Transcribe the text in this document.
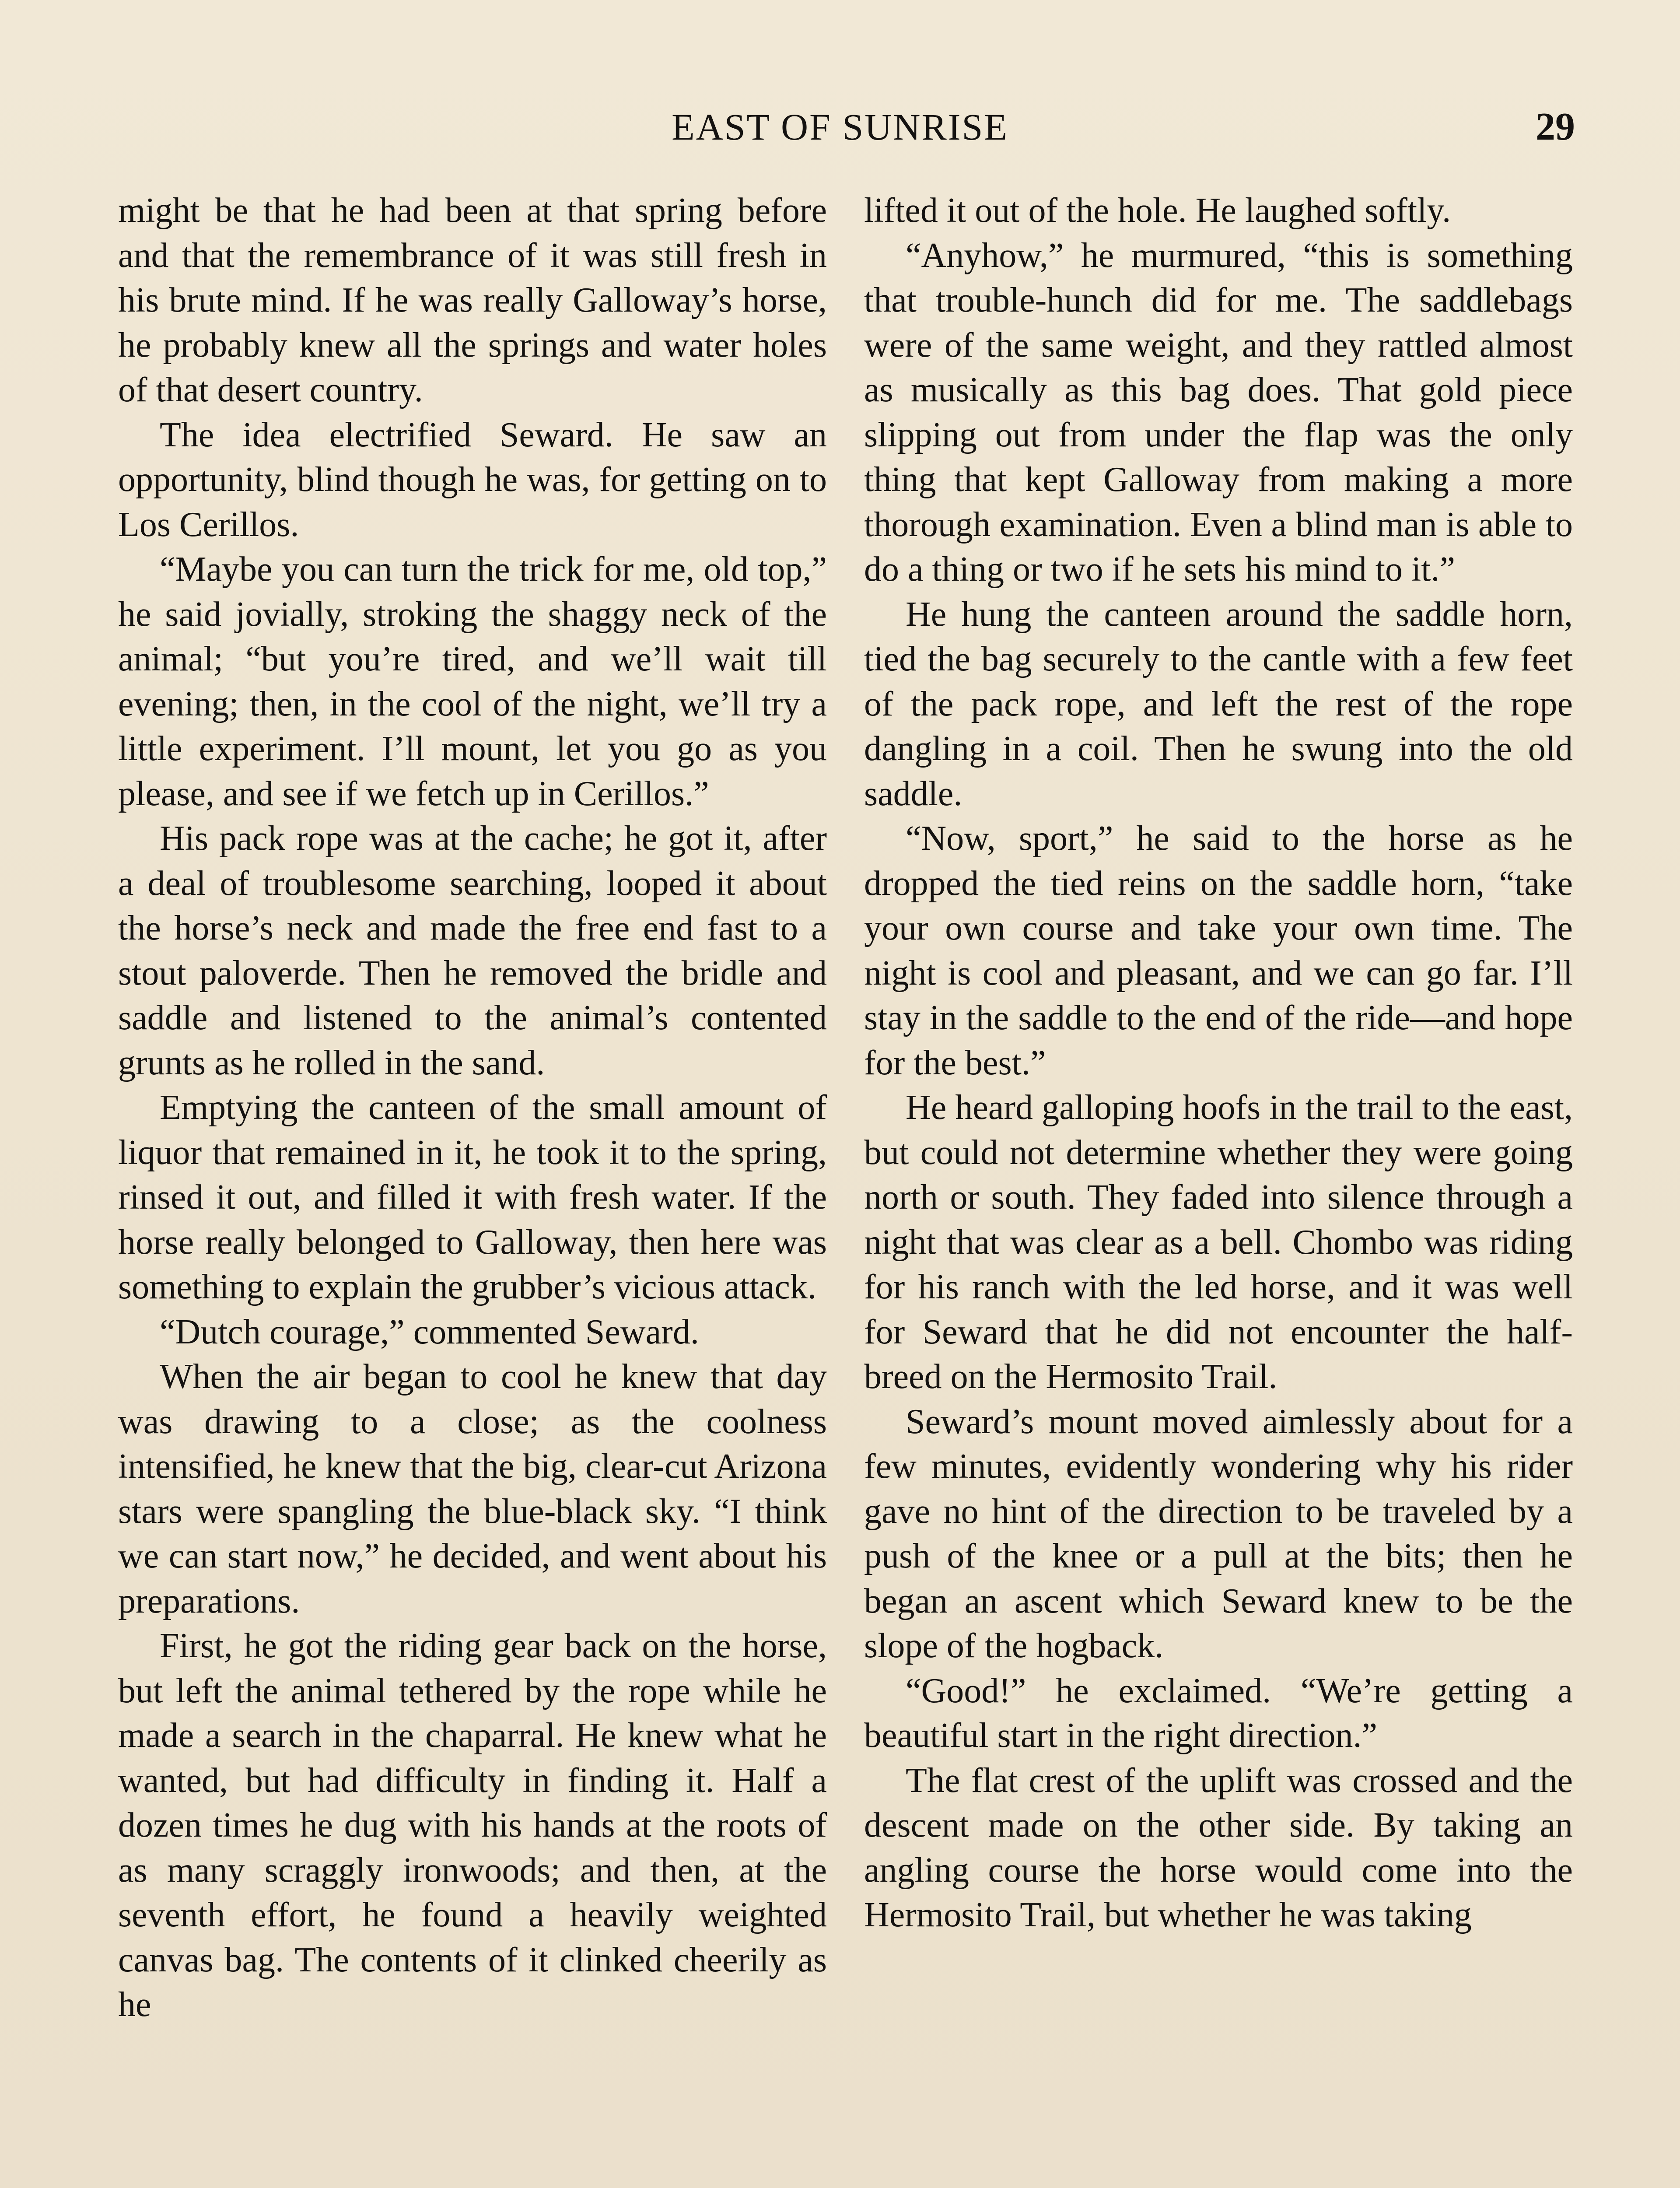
EAST OF SUNRISE	29

might be that he had been at that spring before and that the remembrance of it was still fresh in his brute mind. If he was really Galloway’s horse, he probably knew all the springs and water holes of that desert country.

The idea electrified Seward. He saw an opportunity, blind though he was, for getting on to Los Cerillos.

“Maybe you can turn the trick for me, old top,” he said jovially, stroking the shaggy neck of the animal; “but you’re tired, and we’ll wait till evening; then, in the cool of the night, we’ll try a little experiment. I’ll mount, let you go as you please, and see if we fetch up in Cerillos.”

His pack rope was at the cache; he got it, after a deal of troublesome searching, looped it about the horse’s neck and made the free end fast to a stout paloverde. Then he removed the bridle and saddle and listened to the animal’s contented grunts as he rolled in the sand.

Emptying the canteen of the small amount of liquor that remained in it, he took it to the spring, rinsed it out, and filled it with fresh water. If the horse really belonged to Galloway, then here was something to explain the grubber’s vicious attack.

“Dutch courage,” commented Seward.

When the air began to cool he knew that day was drawing to a close; as the coolness intensified, he knew that the big, clear-cut Arizona stars were spangling the blue-black sky. “I think we can start now,” he decided, and went about his preparations.

First, he got the riding gear back on the horse, but left the animal tethered by the rope while he made a search in the chaparral. He knew what he wanted, but had difficulty in finding it. Half a dozen times he dug with his hands at the roots of as many scraggly ironwoods; and then, at the seventh effort, he found a heavily weighted canvas bag. The contents of it clinked cheerily as he

lifted it out of the hole. He laughed softly.

“Anyhow,” he murmured, “this is something that trouble-hunch did for me. The saddlebags were of the same weight, and they rattled almost as musically as this bag does. That gold piece slipping out from under the flap was the only thing that kept Galloway from making a more thorough examination. Even a blind man is able to do a thing or two if he sets his mind to it.”

He hung the canteen around the saddle horn, tied the bag securely to the cantle with a few feet of the pack rope, and left the rest of the rope dangling in a coil. Then he swung into the old saddle.

“Now, sport,” he said to the horse as he dropped the tied reins on the saddle horn, “take your own course and take your own time. The night is cool and pleasant, and we can go far. I’ll stay in the saddle to the end of the ride—and hope for the best.”

He heard galloping hoofs in the trail to the east, but could not determine whether they were going north or south. They faded into silence through a night that was clear as a bell. Chombo was riding for his ranch with the led horse, and it was well for Seward that he did not encounter the half-breed on the Hermosito Trail.

Seward’s mount moved aimlessly about for a few minutes, evidently wondering why his rider gave no hint of the direction to be traveled by a push of the knee or a pull at the bits; then he began an ascent which Seward knew to be the slope of the hogback.

“Good!” he exclaimed. “We’re getting a beautiful start in the right direction.”

The flat crest of the uplift was crossed and the descent made on the other side. By taking an angling course the horse would come into the Hermosito Trail, but whether he was taking
